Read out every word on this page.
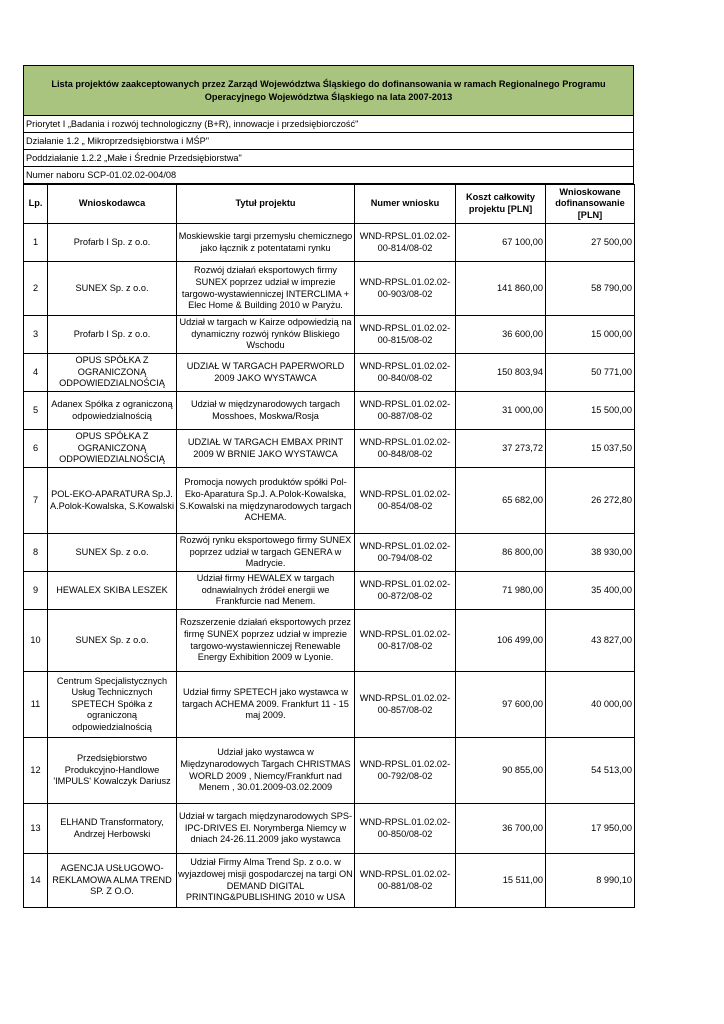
Lista projektów zaakceptowanych przez Zarząd Województwa Śląskiego do dofinansowania w ramach Regionalnego Programu Operacyjnego Województwa Śląskiego na lata 2007-2013
Priorytet I „Badania i rozwój technologiczny (B+R), innowacje i przedsiębiorczość"
Działanie 1.2 „ Mikroprzedsiębiorstwa i MŚP"
Poddziałanie 1.2.2 „Małe i Średnie Przedsiębiorstwa"
Numer naboru SCP-01.02.02-004/08
Lp.	Wnioskodawca	Tytuł projektu	Numer wniosku	Koszt całkowity projektu [PLN]	Wnioskowane dofinansowanie [PLN]
1	Profarb I Sp. z o.o.	Moskiewskie targi przemysłu chemicznego jako łącznik z potentatami rynku	WND-RPSL.01.02.02-00-814/08-02	67 100,00	27 500,00
2	SUNEX Sp. z o.o.	Rozwój działań eksportowych firmy SUNEX poprzez udział w imprezie targowo-wystawienniczej INTERCLIMA + Elec Home & Building 2010 w Paryżu.	WND-RPSL.01.02.02-00-903/08-02	141 860,00	58 790,00
3	Profarb I Sp. z o.o.	Udział w targach w Kairze odpowiedzią na dynamiczny rozwój rynków Bliskiego Wschodu	WND-RPSL.01.02.02-00-815/08-02	36 600,00	15 000,00
4	OPUS SPÓŁKA Z OGRANICZONĄ ODPOWIEDZIALNOŚCIĄ	UDZIAŁ W TARGACH PAPERWORLD 2009 JAKO WYSTAWCA	WND-RPSL.01.02.02-00-840/08-02	150 803,94	50 771,00
5	Adanex Spółka z ograniczoną odpowiedzialnością	Udział w międzynarodowych targach Mosshoes, Moskwa/Rosja	WND-RPSL.01.02.02-00-887/08-02	31 000,00	15 500,00
6	OPUS SPÓŁKA Z OGRANICZONĄ ODPOWIEDZIALNOŚCIĄ	UDZIAŁ W TARGACH EMBAX PRINT 2009 W BRNIE JAKO WYSTAWCA	WND-RPSL.01.02.02-00-848/08-02	37 273,72	15 037,50
7	POL-EKO-APARATURA Sp.J. A.Polok-Kowalska, S.Kowalski	Promocja nowych produktów spółki Pol-Eko-Aparatura Sp.J. A.Polok-Kowalska, S.Kowalski na międzynarodowych targach ACHEMA.	WND-RPSL.01.02.02-00-854/08-02	65 682,00	26 272,80
8	SUNEX Sp. z o.o.	Rozwój rynku eksportowego firmy SUNEX poprzez udział w targach GENERA w Madrycie.	WND-RPSL.01.02.02-00-794/08-02	86 800,00	38 930,00
9	HEWALEX SKIBA LESZEK	Udział firmy HEWALEX w targach odnawialnych źródeł energii we Frankfurcie nad Menem.	WND-RPSL.01.02.02-00-872/08-02	71 980,00	35 400,00
10	SUNEX Sp. z o.o.	Rozszerzenie działań eksportowych przez firmę SUNEX poprzez udział w imprezie targowo-wystawienniczej Renewable Energy Exhibition 2009 w Lyonie.	WND-RPSL.01.02.02-00-817/08-02	106 499,00	43 827,00
11	Centrum Specjalistycznych Usług Technicznych SPETECH Spółka z ograniczoną odpowiedzialnością	Udział firmy SPETECH jako wystawca w targach ACHEMA 2009. Frankfurt 11 - 15 maj 2009.	WND-RPSL.01.02.02-00-857/08-02	97 600,00	40 000,00
12	Przedsiębiorstwo Produkcyjno-Handlowe 'IMPULS' Kowalczyk Dariusz	Udział jako wystawca w Międzynarodowych Targach CHRISTMAS WORLD 2009 , Niemcy/Frankfurt nad Menem , 30.01.2009-03.02.2009	WND-RPSL.01.02.02-00-792/08-02	90 855,00	54 513,00
13	ELHAND Transformatory, Andrzej Herbowski	Udział w targach międzynarodowych SPS-IPC-DRIVES El. Norymberga Niemcy w dniach 24-26.11.2009 jako wystawca	WND-RPSL.01.02.02-00-850/08-02	36 700,00	17 950,00
14	AGENCJA USŁUGOWO-REKLAMOWA ALMA TREND SP. Z O.O.	Udział Firmy Alma Trend Sp. z o.o. w wyjazdowej misji gospodarczej na targi ON DEMAND DIGITAL PRINTING&PUBLISHING 2010 w USA	WND-RPSL.01.02.02-00-881/08-02	15 511,00	8 990,10
